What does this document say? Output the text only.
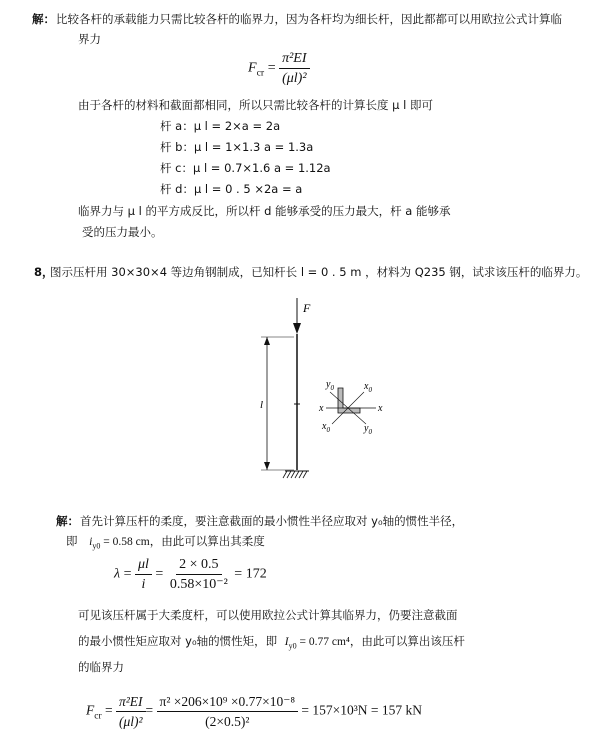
解： 比较各杆的承载能力只需比较各杆的临界力，因为各杆均为细长杆，因此都都可以用欧拉公式计算临
界力
$F_{cr} = \frac{\text{π²EI}}{\text{(μl)²}}$
由于各杆的材料和截面都相同，所以只需比较各杆的计算长度 μ l 即可
杆 a：μ l = 2×a = 2a
杆 b：μ l = 1×1.3 a = 1.3a
杆 c：μ l = 0.7×1.6 a = 1.12a
杆 d：μ l = 0 . 5 ×2a = a
临界力与 μ l 的平方成反比，所以杆 d 能够承受的压力最大，杆 a 能够承
受的压力最小。
8，
图示压杆用 30×30×4 等边角钢制成，已知杆长 l = 0 . 5 m ，材料为 Q235 钢，试求该压杆的临界力。
F
l
$y_0$	$x_0$
x	x
$x_0$	$y_0$
解： 首先计算压杆的柔度，要注意截面的最小惯性半径应取对 y₀轴的惯性半径，
即 $i_{y0} = 0.58$ cm，由此可以算出其柔度
$\lambda = \frac{\mu l}{i} = \frac{2 \times 0.5}{\text{0.58×10⁻²}} = 172$
可见该压杆属于大柔度杆，可以使用欧拉公式计算其临界力，仍要注意截面
的最小惯性矩应取对 y₀轴的惯性矩，即 $I_{y0} = 0.77$ cm⁴，由此可以算出该压杆
的临界力
$F_{cr} = \frac{\text{π²EI}}{\text{(μl)²}} = \frac{\text{π² ×206×10⁹ ×0.77×10⁻⁸}}{\text{(2×0.5)²}} = 157\times 10^3N = 157$ kN
